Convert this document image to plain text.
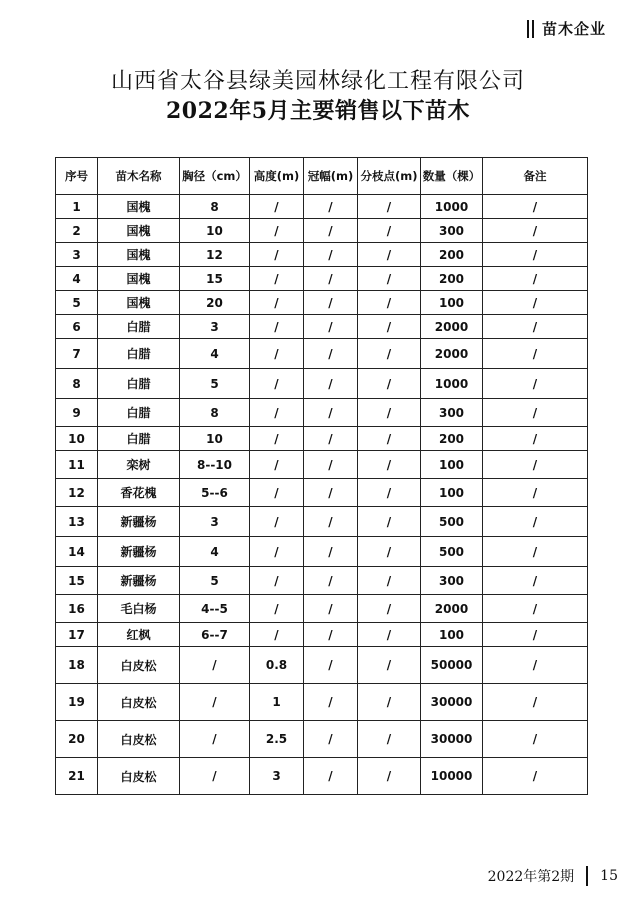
苗木企业
山西省太谷县绿美园林绿化工程有限公司
2022年5月主要销售以下苗木
序号	苗木名称	胸径（cm）	高度(m)	冠幅(m)	分枝点(m)	数量（棵）	备注
1	国槐	8	/	/	/	1000	/
2	国槐	10	/	/	/	300	/
3	国槐	12	/	/	/	200	/
4	国槐	15	/	/	/	200	/
5	国槐	20	/	/	/	100	/
6	白腊	3	/	/	/	2000	/
7	白腊	4	/	/	/	2000	/
8	白腊	5	/	/	/	1000	/
9	白腊	8	/	/	/	300	/
10	白腊	10	/	/	/	200	/
11	栾树	8--10	/	/	/	100	/
12	香花槐	5--6	/	/	/	100	/
13	新疆杨	3	/	/	/	500	/
14	新疆杨	4	/	/	/	500	/
15	新疆杨	5	/	/	/	300	/
16	毛白杨	4--5	/	/	/	2000	/
17	红枫	6--7	/	/	/	100	/
18	白皮松	/	0.8	/	/	50000	/
19	白皮松	/	1	/	/	30000	/
20	白皮松	/	2.5	/	/	30000	/
21	白皮松	/	3	/	/	10000	/
2022年第2期 15
